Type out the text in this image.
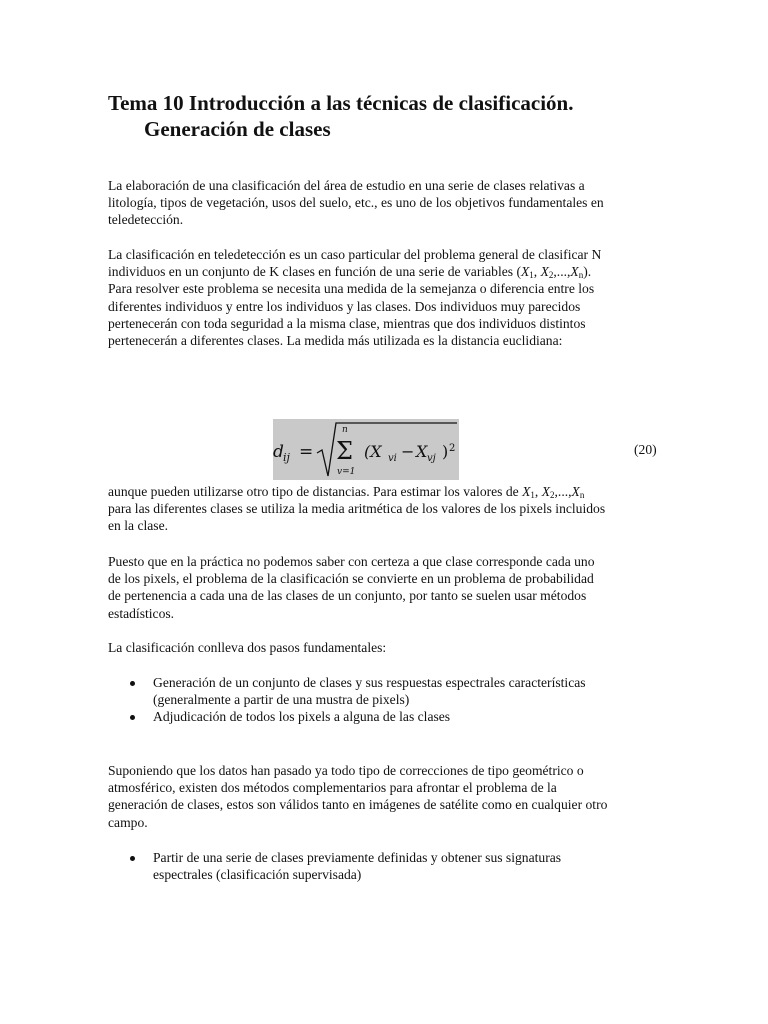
Tema 10 Introducción a las técnicas de clasificación.
Generación de clases

La elaboración de una clasificación del área de estudio en una serie de clases relativas a
litología, tipos de vegetación, usos del suelo, etc., es uno de los objetivos fundamentales en
teledetección.

La clasificación en teledetección es un caso particular del problema general de clasificar N
individuos en un conjunto de K clases en función de una serie de variables ($X_1$, $X_2,...,X_n$).
Para resolver este problema se necesita una medida de la semejanza o diferencia entre los
diferentes individuos y entre los individuos y las clases. Dos individuos muy parecidos
pertenecerán con toda seguridad a la misma clase, mientras que dos individuos distintos
pertenecerán a diferentes clases. La medida más utilizada es la distancia euclidiana:

d ij =
n
Σ
v=1
(X vi − X vj ) 2	(20)

aunque pueden utilizarse otro tipo de distancias. Para estimar los valores de $X_1$, $X_2,...,X_n$
para las diferentes clases se utiliza la media aritmética de los valores de los pixels incluidos
en la clase.

Puesto que en la práctica no podemos saber con certeza a que clase corresponde cada uno
de los pixels, el problema de la clasificación se convierte en un problema de probabilidad
de pertenencia a cada una de las clases de un conjunto, por tanto se suelen usar métodos
estadísticos.

La clasificación conlleva dos pasos fundamentales:

Generación de un conjunto de clases y sus respuestas espectrales características
(generalmente a partir de una mustra de pixels)
Adjudicación de todos los pixels a alguna de las clases

Suponiendo que los datos han pasado ya todo tipo de correcciones de tipo geométrico o
atmosférico, existen dos métodos complementarios para afrontar el problema de la
generación de clases, estos son válidos tanto en imágenes de satélite como en cualquier otro
campo.

Partir de una serie de clases previamente definidas y obtener sus signaturas
espectrales (clasificación supervisada)
